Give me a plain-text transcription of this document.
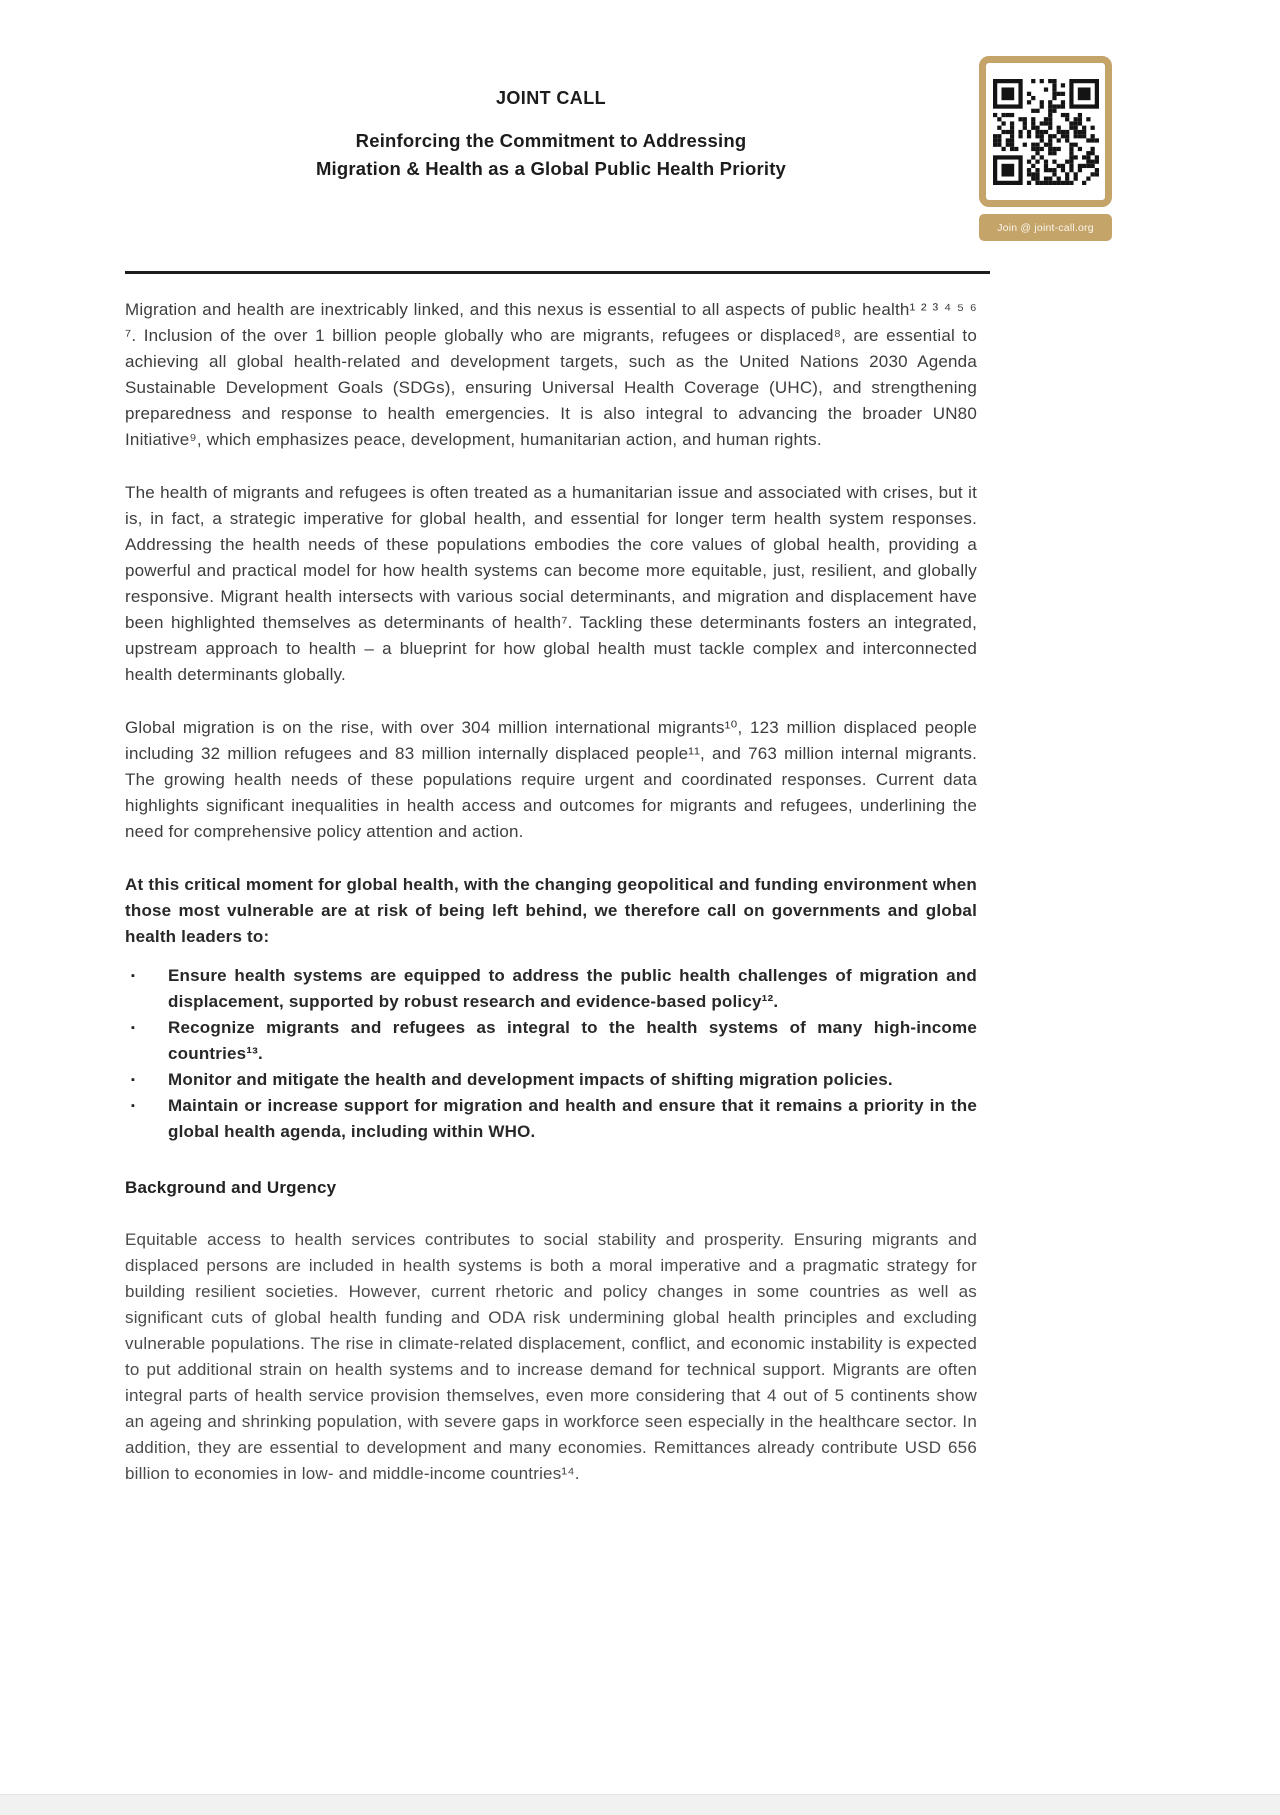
JOINT CALL
Reinforcing the Commitment to Addressing
Migration & Health as a Global Public Health Priority
Join @ joint-call.org

Migration and health are inextricably linked, and this nexus is essential to all aspects of public health¹ ² ³ ⁴ ⁵ ⁶ ⁷. Inclusion of the over 1 billion people globally who are migrants, refugees or displaced⁸, are essential to achieving all global health-related and development targets, such as the United Nations 2030 Agenda Sustainable Development Goals (SDGs), ensuring Universal Health Coverage (UHC), and strengthening preparedness and response to health emergencies. It is also integral to advancing the broader UN80 Initiative⁹, which emphasizes peace, development, humanitarian action, and human rights.

The health of migrants and refugees is often treated as a humanitarian issue and associated with crises, but it is, in fact, a strategic imperative for global health, and essential for longer term health system responses. Addressing the health needs of these populations embodies the core values of global health, providing a powerful and practical model for how health systems can become more equitable, just, resilient, and globally responsive. Migrant health intersects with various social determinants, and migration and displacement have been highlighted themselves as determinants of health⁷. Tackling these determinants fosters an integrated, upstream approach to health – a blueprint for how global health must tackle complex and interconnected health determinants globally.

Global migration is on the rise, with over 304 million international migrants¹⁰, 123 million displaced people including 32 million refugees and 83 million internally displaced people¹¹, and 763 million internal migrants. The growing health needs of these populations require urgent and coordinated responses. Current data highlights significant inequalities in health access and outcomes for migrants and refugees, underlining the need for comprehensive policy attention and action.

At this critical moment for global health, with the changing geopolitical and funding environment when those most vulnerable are at risk of being left behind, we therefore call on governments and global health leaders to:

▪	Ensure health systems are equipped to address the public health challenges of migration and displacement, supported by robust research and evidence-based policy¹².
▪	Recognize migrants and refugees as integral to the health systems of many high-income countries¹³.
▪	Monitor and mitigate the health and development impacts of shifting migration policies.
▪	Maintain or increase support for migration and health and ensure that it remains a priority in the global health agenda, including within WHO.
Background and Urgency

Equitable access to health services contributes to social stability and prosperity. Ensuring migrants and displaced persons are included in health systems is both a moral imperative and a pragmatic strategy for building resilient societies. However, current rhetoric and policy changes in some countries as well as significant cuts of global health funding and ODA risk undermining global health principles and excluding vulnerable populations. The rise in climate-related displacement, conflict, and economic instability is expected to put additional strain on health systems and to increase demand for technical support. Migrants are often integral parts of health service provision themselves, even more considering that 4 out of 5 continents show an ageing and shrinking population, with severe gaps in workforce seen especially in the healthcare sector. In addition, they are essential to development and many economies. Remittances already contribute USD 656 billion to economies in low- and middle-income countries¹⁴.
